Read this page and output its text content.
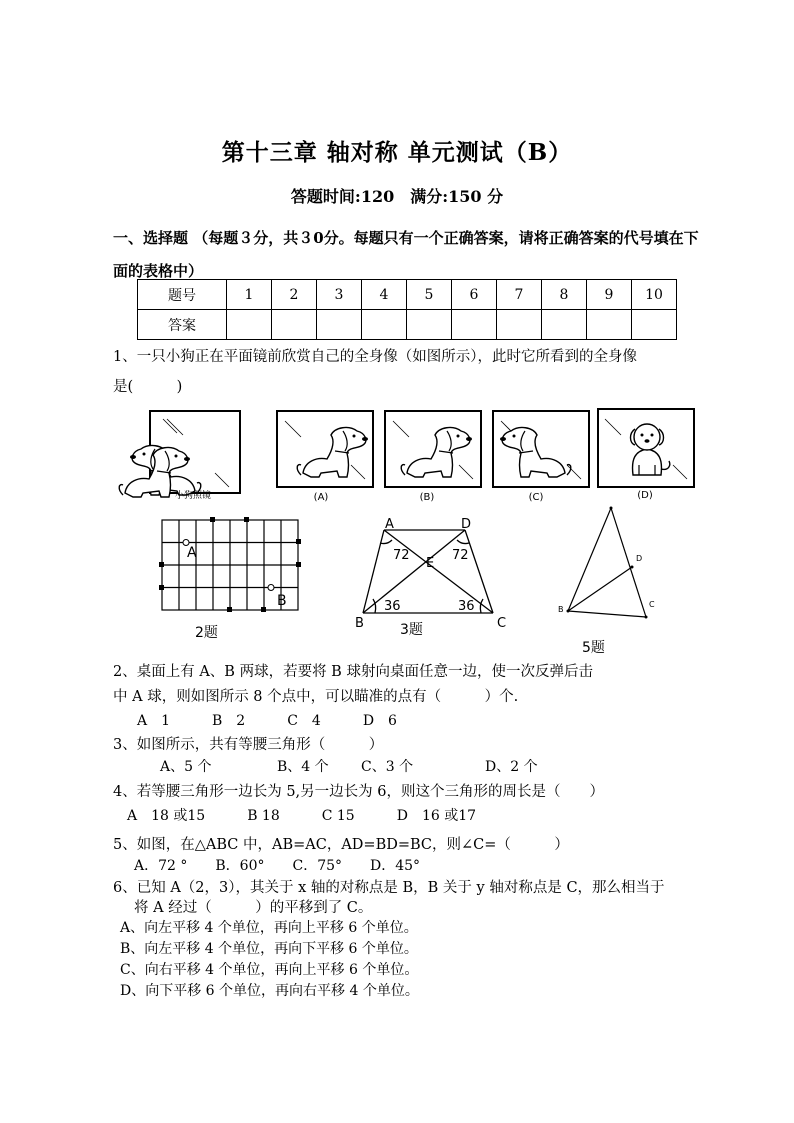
第十三章 轴对称 单元测试（B）
答题时间:120　满分:150 分
一、选择题 （每题３分，共３0分。每题只有一个正确答案，请将正确答案的代号填在下面的表格中）
题号	1	2	3	4	5	6	7	8	9	10
答案										
1、一只小狗正在平面镜前欣赏自己的全身像（如图所示），此时它所看到的全身像
是(　　　)
小狗照镜	(A)	(B)	(C)	(D)
A
B
2题
A	D
E
B	C
72	72
36	36
3题
D
B
C
5题
2、桌面上有 A、B 两球，若要将 B 球射向桌面任意一边，使一次反弹后击
中 A 球，则如图所示 8 个点中，可以瞄准的点有（　　　）个.
A　1　　　B　2　　　C　4　　　D　6
3、如图所示，共有等腰三角形（　　　）
A、5 个	B、4 个 C、3 个	D、2 个
4、若等腰三角形一边长为 5,另一边长为 6，则这个三角形的周长是（　　）
A　18 或15　　　B 18　　　C 15　　　D　16 或17
5、如图，在△ABC 中，AB=AC，AD=BD=BC，则∠C=（　　　）
A．72 °　　B．60°　　C．75°　　D．45°
6、已知 A（2，3），其关于 x 轴的对称点是 B，B 关于 y 轴对称点是 C，那么相当于
将 A 经过（　　　）的平移到了 C。
A、向左平移 4 个单位，再向上平移 6 个单位。
B、向左平移 4 个单位，再向下平移 6 个单位。
C、向右平移 4 个单位，再向上平移 6 个单位。
D、向下平移 6 个单位，再向右平移 4 个单位。
